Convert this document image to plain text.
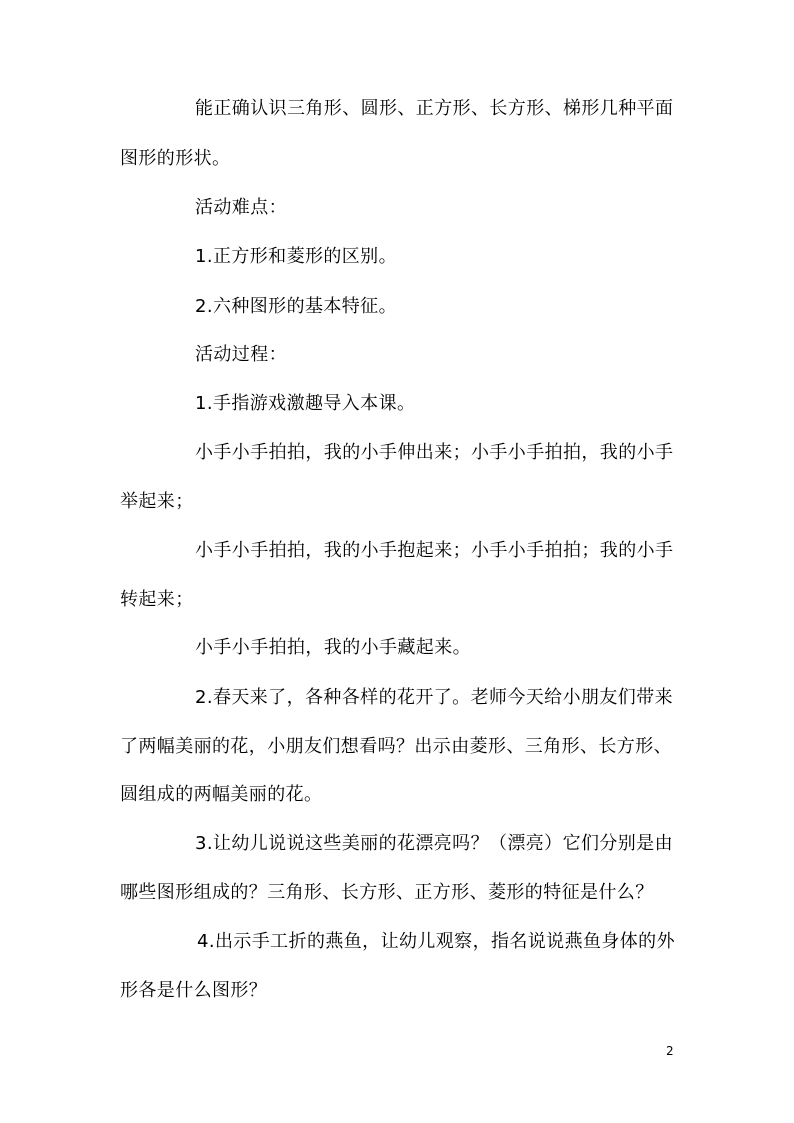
能正确认识三角形、圆形、正方形、长方形、梯形几种平面
图形的形状。
活动难点：
1.正方形和菱形的区别。
2.六种图形的基本特征。
活动过程：
1.手指游戏激趣导入本课。
小手小手拍拍，我的小手伸出来；小手小手拍拍，我的小手
举起来；
小手小手拍拍，我的小手抱起来；小手小手拍拍；我的小手
转起来；
小手小手拍拍，我的小手藏起来。
2.春天来了，各种各样的花开了。老师今天给小朋友们带来
了两幅美丽的花，小朋友们想看吗？出示由菱形、三角形、长方形、
圆组成的两幅美丽的花。
3.让幼儿说说这些美丽的花漂亮吗？（漂亮）它们分别是由
哪些图形组成的？三角形、长方形、正方形、菱形的特征是什么？
4.出示手工折的燕鱼，让幼儿观察，指名说说燕鱼身体的外
形各是什么图形？
2
